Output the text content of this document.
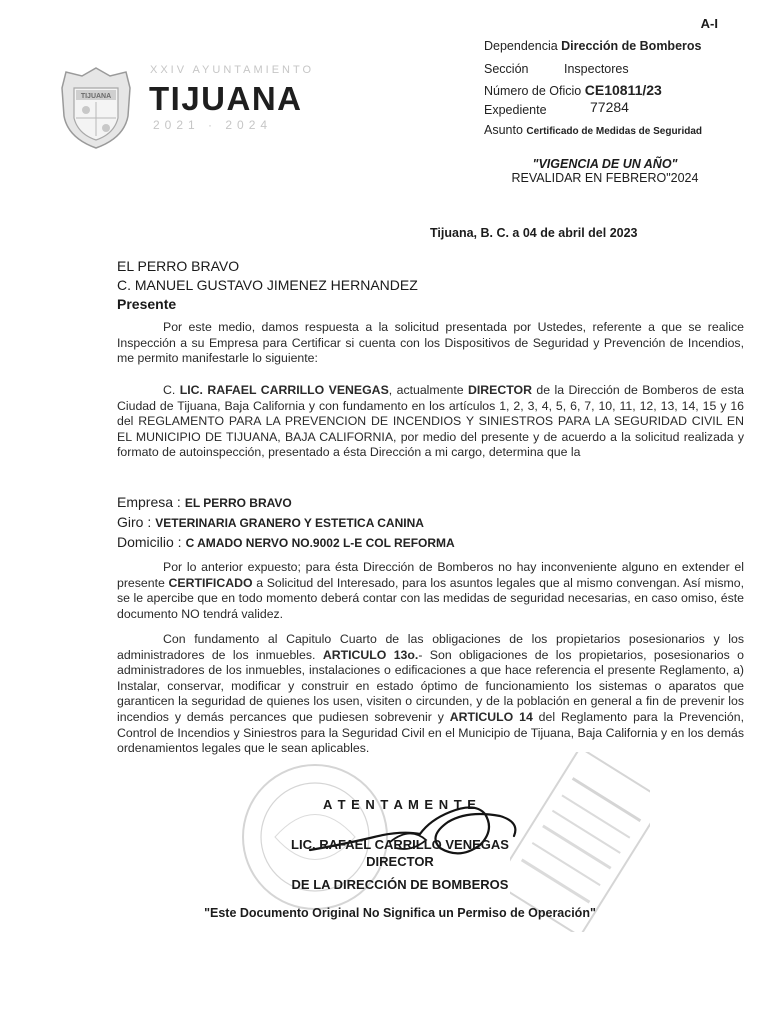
A-I
TIJUANA
XXIV AYUNTAMIENTO
TIJUANA
2021 · 2024
Dependencia Dirección de Bomberos
Sección	Inspectores
Número de Oficio CE10811/23
Expediente	77284
Asunto Certificado de Medidas de Seguridad
"VIGENCIA DE UN AÑO"
REVALIDAR EN FEBRERO"2024
Tijuana, B. C. a 04 de abril del 2023
EL PERRO BRAVO
C. MANUEL GUSTAVO JIMENEZ HERNANDEZ
Presente
Por este medio, damos respuesta a la solicitud presentada por Ustedes, referente a que se realice Inspección a su Empresa para Certificar si cuenta con los Dispositivos de Seguridad y Prevención de Incendios, me permito manifestarle lo siguiente:
C. LIC. RAFAEL CARRILLO VENEGAS, actualmente DIRECTOR de la Dirección de Bomberos de esta Ciudad de Tijuana, Baja California y con fundamento en los artículos 1, 2, 3, 4, 5, 6, 7, 10, 11, 12, 13, 14, 15 y 16 del REGLAMENTO PARA LA PREVENCION DE INCENDIOS Y SINIESTROS PARA LA SEGURIDAD CIVIL EN EL MUNICIPIO DE TIJUANA, BAJA CALIFORNIA, por medio del presente y de acuerdo a la solicitud realizada y formato de autoinspección, presentado a ésta Dirección a mi cargo, determina que la
Empresa : EL PERRO BRAVO
Giro : VETERINARIA GRANERO Y ESTETICA CANINA
Domicilio : C AMADO NERVO NO.9002 L-E COL REFORMA
Por lo anterior expuesto; para ésta Dirección de Bomberos no hay inconveniente alguno en extender el presente CERTIFICADO a Solicitud del Interesado, para los asuntos legales que al mismo convengan. Así mismo, se le apercibe que en todo momento deberá contar con las medidas de seguridad necesarias, en caso omiso, éste documento NO tendrá validez.
Con fundamento al Capitulo Cuarto de las obligaciones de los propietarios posesionarios y los administradores de los inmuebles. ARTICULO 13o.- Son obligaciones de los propietarios, posesionarios o administradores de los inmuebles, instalaciones o edificaciones a que hace referencia el presente Reglamento, a) Instalar, conservar, modificar y construir en estado óptimo de funcionamiento los sistemas o aparatos que garanticen la seguridad de quienes los usen, visiten o circunden, y de la población en general a fin de prevenir los incendios y demás percances que pudiesen sobrevenir y ARTICULO 14 del Reglamento para la Prevención, Control de Incendios y Siniestros para la Seguridad Civil en el Municipio de Tijuana, Baja California y en los demás ordenamientos legales que le sean aplicables.
A T E N T A M E N T E
LIC. RAFAEL CARRILLO VENEGAS
DIRECTOR
DE LA DIRECCIÓN DE BOMBEROS
"Este Documento Original No Significa un Permiso de Operación"
